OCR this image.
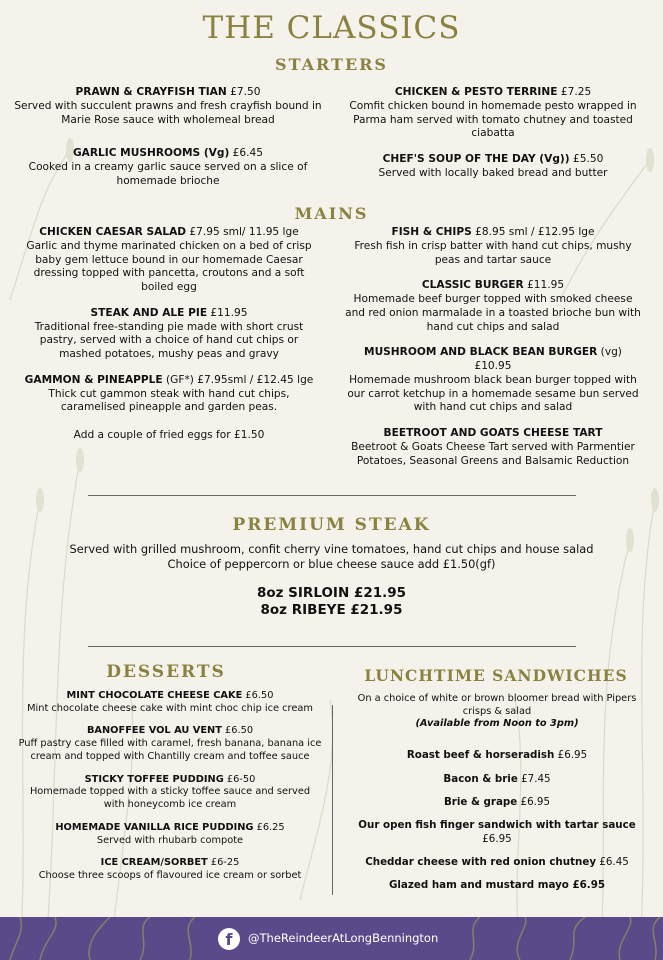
THE CLASSICS
STARTERS
PRAWN & CRAYFISH TIAN £7.50
Served with succulent prawns and fresh crayfish bound in Marie Rose sauce with wholemeal bread
GARLIC MUSHROOMS (Vg) £6.45
Cooked in a creamy garlic sauce served on a slice of homemade brioche
CHICKEN & PESTO TERRINE £7.25
Comfit chicken bound in homemade pesto wrapped in Parma ham served with tomato chutney and toasted ciabatta
CHEF'S SOUP OF THE DAY (Vg)) £5.50
Served with locally baked bread and butter
MAINS
CHICKEN CAESAR SALAD £7.95 sml/ 11.95 lge
Garlic and thyme marinated chicken on a bed of crisp baby gem lettuce bound in our homemade Caesar dressing topped with pancetta, croutons and a soft boiled egg
STEAK AND ALE PIE £11.95
Traditional free-standing pie made with short crust pastry, served with a choice of hand cut chips or mashed potatoes, mushy peas and gravy
GAMMON & PINEAPPLE (GF*) £7.95sml / £12.45 lge
Thick cut gammon steak with hand cut chips, caramelised pineapple and garden peas.
Add a couple of fried eggs for £1.50
FISH & CHIPS £8.95 sml / £12.95 lge
Fresh fish in crisp batter with hand cut chips, mushy peas and tartar sauce
CLASSIC BURGER £11.95
Homemade beef burger topped with smoked cheese and red onion marmalade in a toasted brioche bun with hand cut chips and salad
MUSHROOM AND BLACK BEAN BURGER (vg) £10.95
Homemade mushroom black bean burger topped with our carrot ketchup in a homemade sesame bun served with hand cut chips and salad
BEETROOT AND GOATS CHEESE TART
Beetroot & Goats Cheese Tart served with Parmentier Potatoes, Seasonal Greens and Balsamic Reduction
PREMIUM STEAK
Served with grilled mushroom, confit cherry vine tomatoes, hand cut chips and house salad
Choice of peppercorn or blue cheese sauce add £1.50(gf)
8oz SIRLOIN £21.95
8oz RIBEYE £21.95
DESSERTS
MINT CHOCOLATE CHEESE CAKE £6.50
Mint chocolate cheese cake with mint choc chip ice cream
BANOFFEE VOL AU VENT £6.50
Puff pastry case filled with caramel, fresh banana, banana ice cream and topped with Chantilly cream and toffee sauce
STICKY TOFFEE PUDDING £6-50
Homemade topped with a sticky toffee sauce and served with honeycomb ice cream
HOMEMADE VANILLA RICE PUDDING £6.25
Served with rhubarb compote
ICE CREAM/SORBET £6-25
Choose three scoops of flavoured ice cream or sorbet
LUNCHTIME SANDWICHES
On a choice of white or brown bloomer bread with Pipers crisps & salad
(Available from Noon to 3pm)
Roast beef & horseradish £6.95
Bacon & brie £7.45
Brie & grape £6.95
Our open fish finger sandwich with tartar sauce £6.95
Cheddar cheese with red onion chutney £6.45
Glazed ham and mustard mayo £6.95
f	@TheReindeerAtLongBennington
